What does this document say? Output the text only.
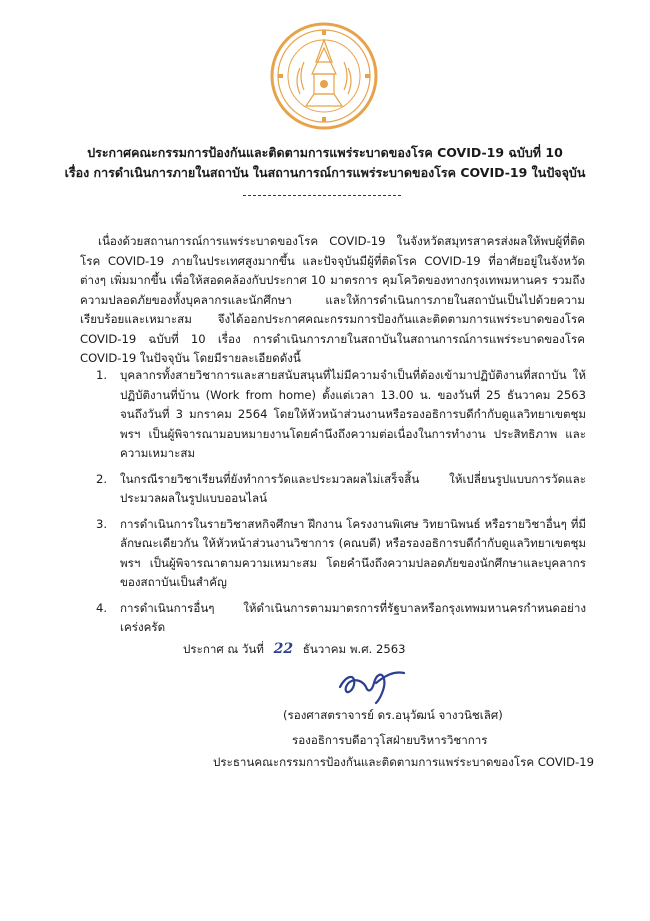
ประกาศคณะกรรมการป้องกันและติดตามการแพร่ระบาดของโรค COVID-19 ฉบับที่ 10
เรื่อง การดำเนินการภายในสถาบัน ในสถานการณ์การแพร่ระบาดของโรค COVID-19 ในปัจจุบัน

เนื่องด้วยสถานการณ์การแพร่ระบาดของโรค COVID-19 ในจังหวัดสมุทรสาครส่งผลให้พบผู้ที่ติดโรค COVID-19 ภายในประเทศสูงมากขึ้น และปัจจุบันมีผู้ที่ติดโรค COVID-19 ที่อาศัยอยู่ในจังหวัดต่างๆ เพิ่มมากขึ้น เพื่อให้สอดคล้องกับประกาศ 10 มาตรการ คุมโควิดของทางกรุงเทพมหานคร รวมถึงความปลอดภัยของทั้งบุคลากรและนักศึกษา และให้การดำเนินการภายในสถาบันเป็นไปด้วยความเรียบร้อยและเหมาะสม จึงได้ออกประกาศคณะกรรมการป้องกันและติดตามการแพร่ระบาดของโรค COVID-19 ฉบับที่ 10 เรื่อง การดำเนินการภายในสถาบันในสถานการณ์การแพร่ระบาดของโรค COVID-19 ในปัจจุบัน โดยมีรายละเอียดดังนี้

1. บุคลากรทั้งสายวิชาการและสายสนับสนุนที่ไม่มีความจำเป็นที่ต้องเข้ามาปฏิบัติงานที่สถาบัน ให้ปฏิบัติงานที่บ้าน (Work from home) ตั้งแต่เวลา 13.00 น. ของวันที่ 25 ธันวาคม 2563 จนถึงวันที่ 3 มกราคม 2564 โดยให้หัวหน้าส่วนงานหรือรองอธิการบดีกำกับดูแลวิทยาเขตชุมพรฯ เป็นผู้พิจารณามอบหมายงานโดยคำนึงถึงความต่อเนื่องในการทำงาน ประสิทธิภาพ และความเหมาะสม
2. ในกรณีรายวิชาเรียนที่ยังทำการวัดและประมวลผลไม่เสร็จสิ้น ให้เปลี่ยนรูปแบบการวัดและประมวลผลในรูปแบบออนไลน์
3. การดำเนินการในรายวิชาสหกิจศึกษา ฝึกงาน โครงงานพิเศษ วิทยานิพนธ์ หรือรายวิชาอื่นๆ ที่มีลักษณะเดียวกัน ให้หัวหน้าส่วนงานวิชาการ (คณบดี) หรือรองอธิการบดีกำกับดูแลวิทยาเขตชุมพรฯ เป็นผู้พิจารณาตามความเหมาะสม โดยคำนึงถึงความปลอดภัยของนักศึกษาและบุคลากรของสถาบันเป็นสำคัญ
4. การดำเนินการอื่นๆ ให้ดำเนินการตามมาตรการที่รัฐบาลหรือกรุงเทพมหานครกำหนดอย่างเคร่งครัด
ประกาศ ณ วันที่ 22 ธันวาคม พ.ศ. 2563
(รองศาสตราจารย์ ดร.อนุวัฒน์ จางวนิชเลิศ)
รองอธิการบดีอาวุโสฝ่ายบริหารวิชาการ
ประธานคณะกรรมการป้องกันและติดตามการแพร่ระบาดของโรค COVID-19
